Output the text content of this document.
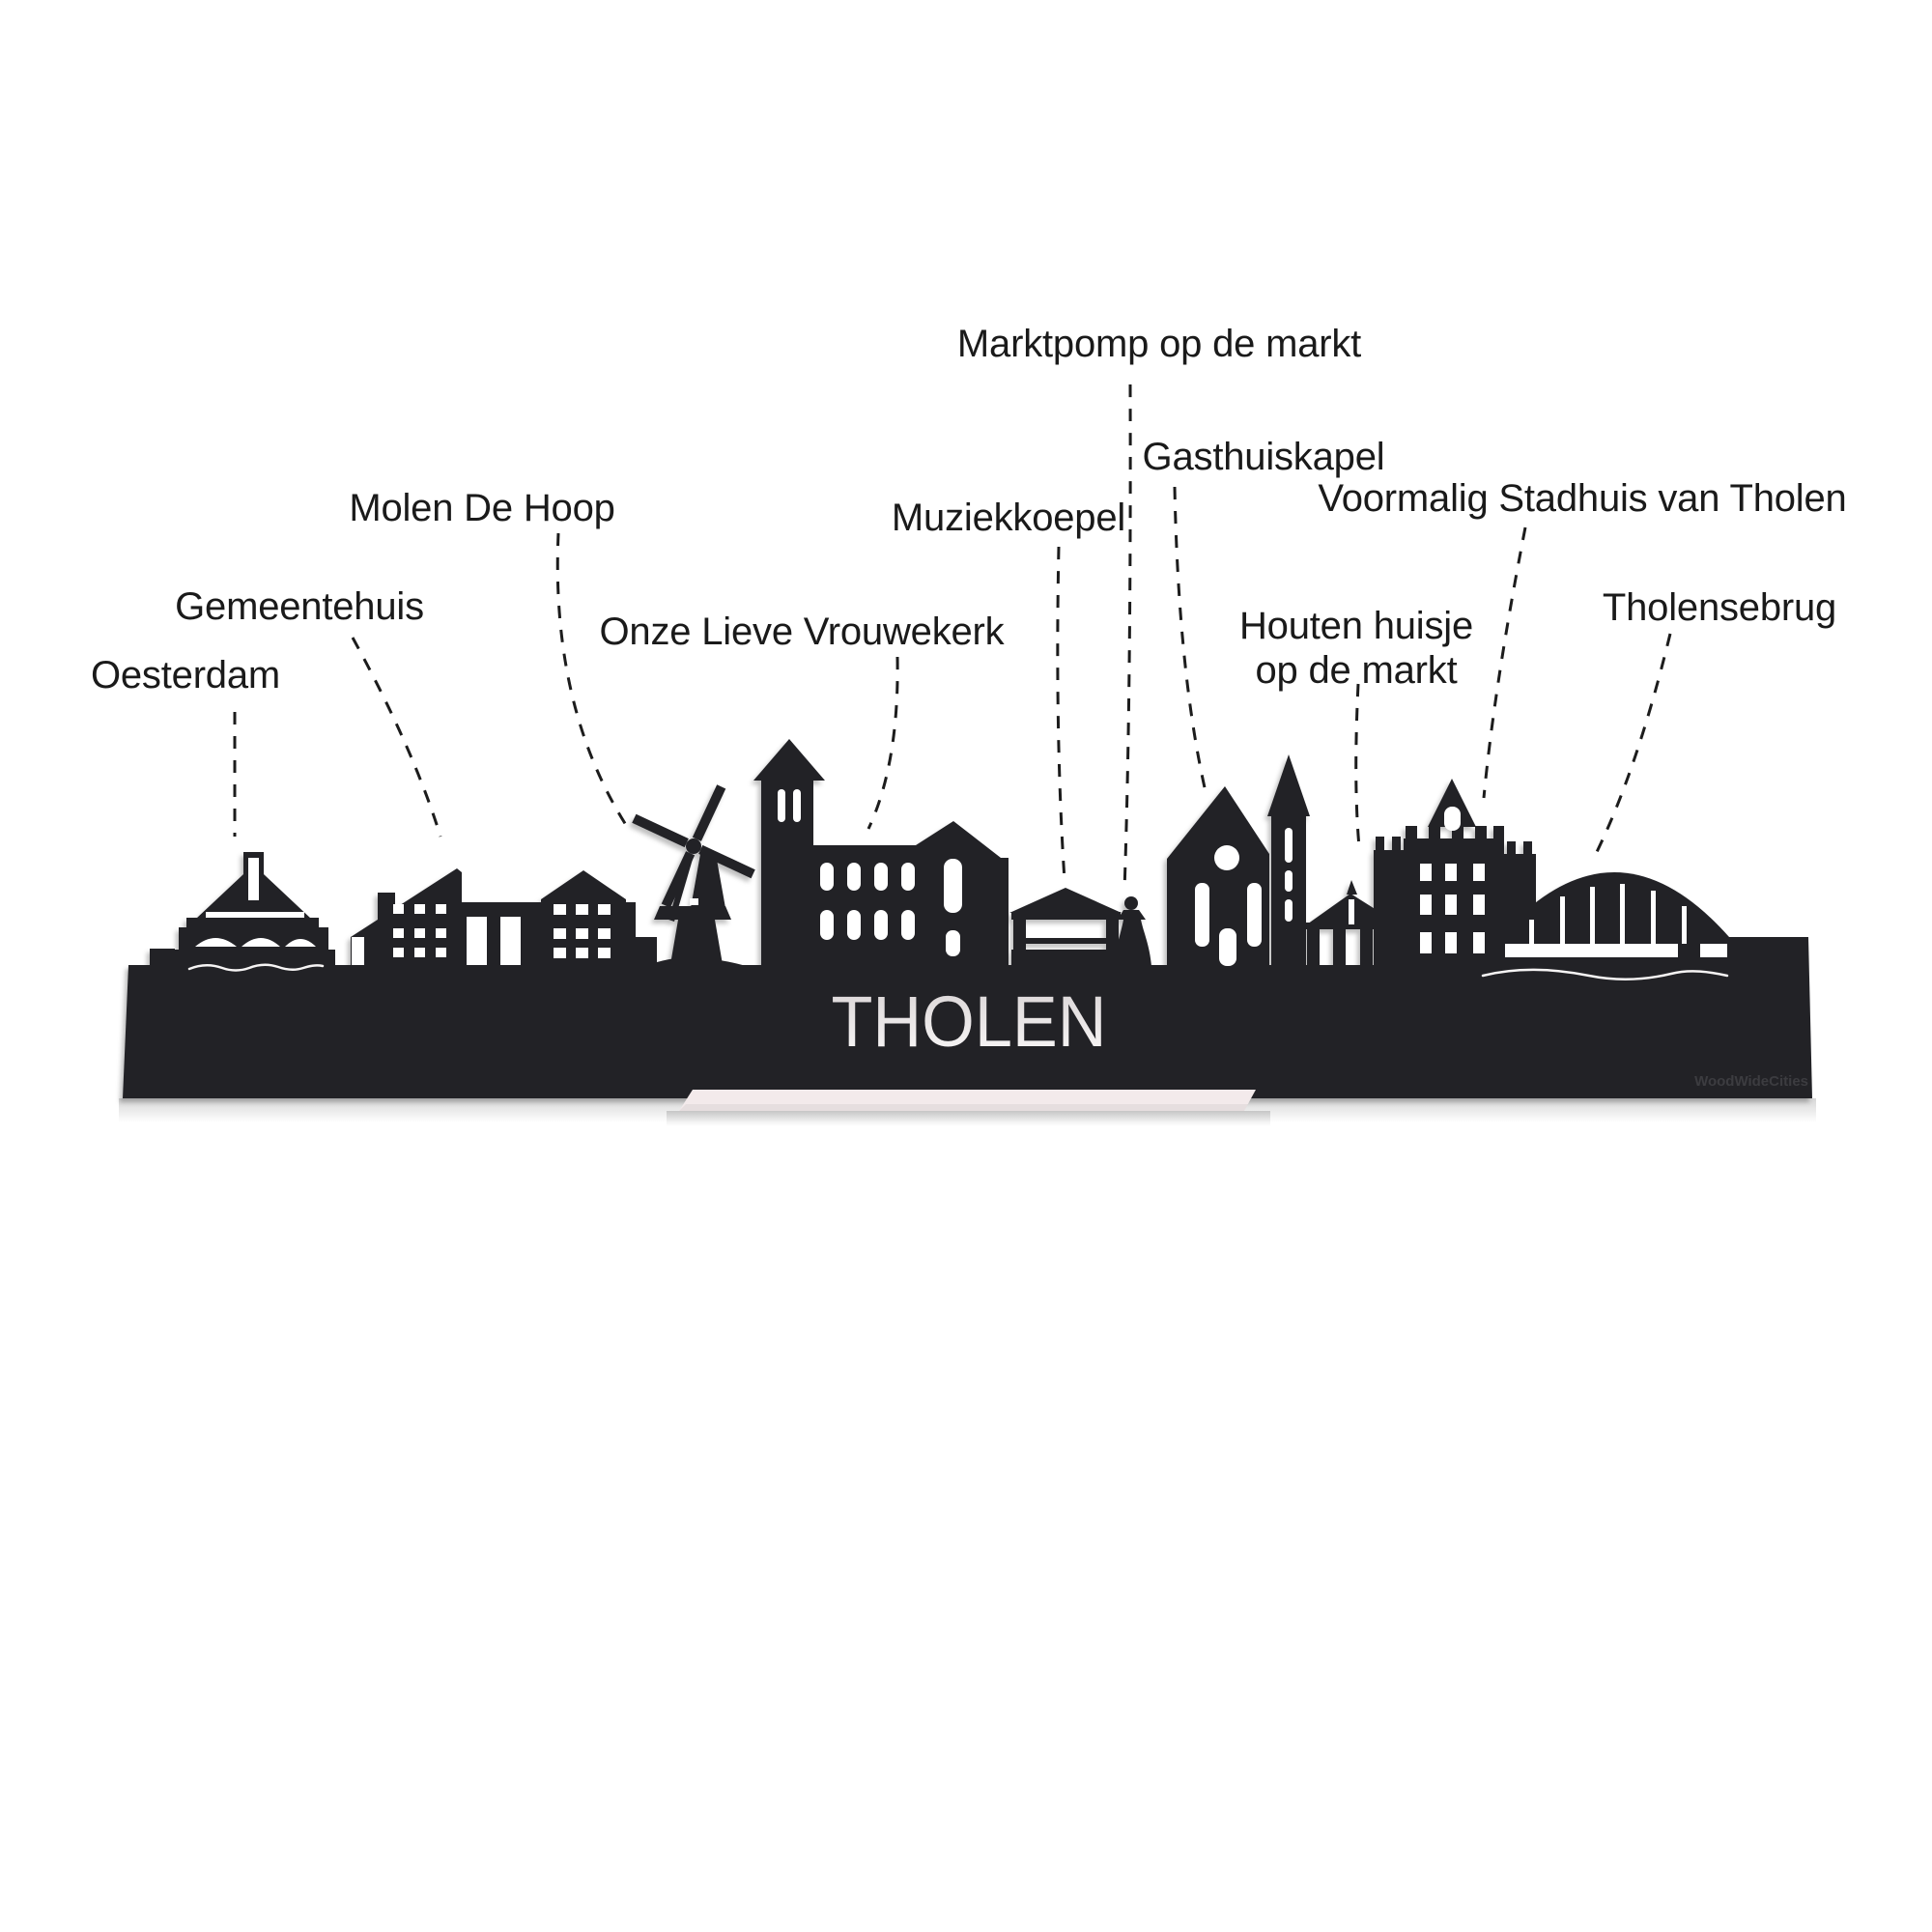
THOLEN
WoodWideCities
Oesterdam
Gemeentehuis
Molen De Hoop
Onze Lieve Vrouwekerk
Muziekkoepel
Marktpomp op de markt
Gasthuiskapel
Houten huisje
op de markt
Voormalig Stadhuis van Tholen
Tholensebrug
